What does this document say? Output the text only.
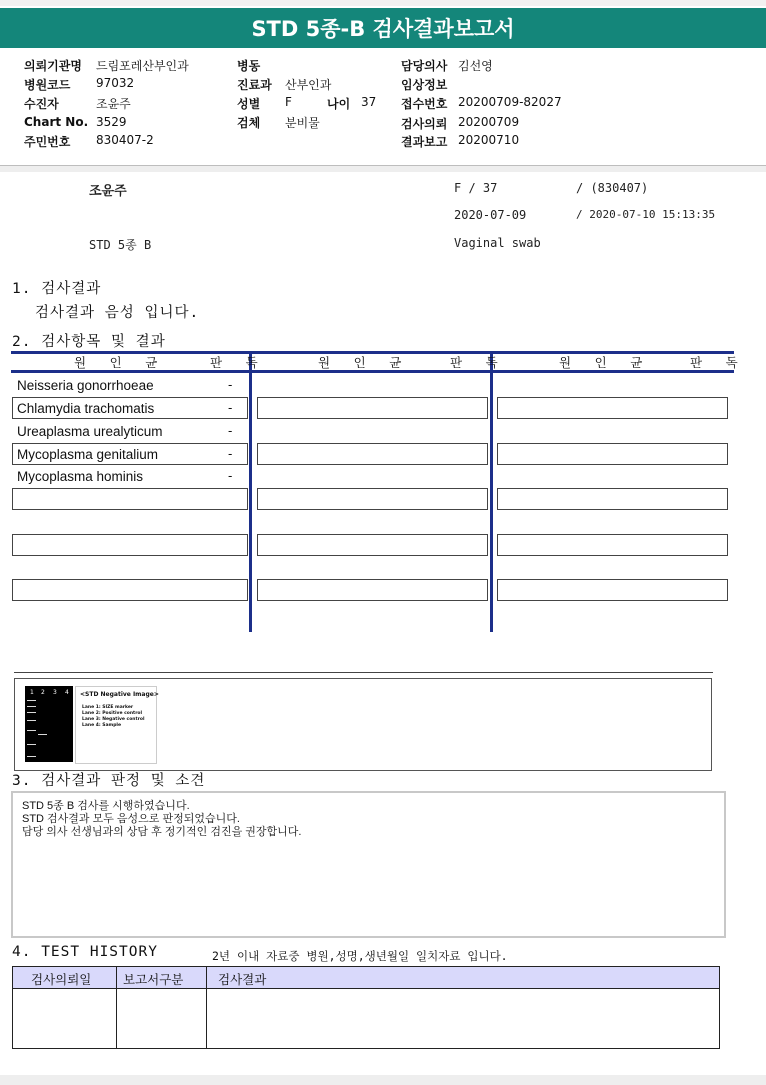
STD 5종-B 검사결과보고서
의뢰기관명 드림포레산부인과
병원코드 97032
수진자	조윤주
Chart No. 3529
주민번호 830407-2
병동
진료과 산부인과
성별 F	나이 37
검체 분비물
담당의사 김선영
임상정보
접수번호 20200709-82027
검사의뢰 20200709
결과보고 20200710
조윤주	F / 37	/ (830407)
2020-07-09	/ 2020-07-10 15:13:35
STD 5종 B	Vaginal swab
1. 검사결과
검사결과 음성 입니다.
2. 검사항목 및 결과
원 인 균	판 독	원 인 균	판 독	원 인 균	판 독
Neisseria gonorrhoeae	-
Chlamydia trachomatis	-
Ureaplasma urealyticum	-
Mycoplasma genitalium	-
Mycoplasma hominis	-
1 2 3 4 <STD Negative Image>
Lane 1: SIZE marker
Lane 2: Positive control
Lane 3: Negative control
Lane 4: Sample
3. 검사결과 판정 및 소견
STD 5종 B 검사를 시행하였습니다.
STD 검사결과 모두 음성으로 판정되었습니다.
담당 의사 선생님과의 상담 후 정기적인 검진을 권장합니다.
4. TEST HISTORY	2년 이내 자료중 병원,성명,생년월일 일치자료 입니다.
검사의뢰일	보고서구분	검사결과
